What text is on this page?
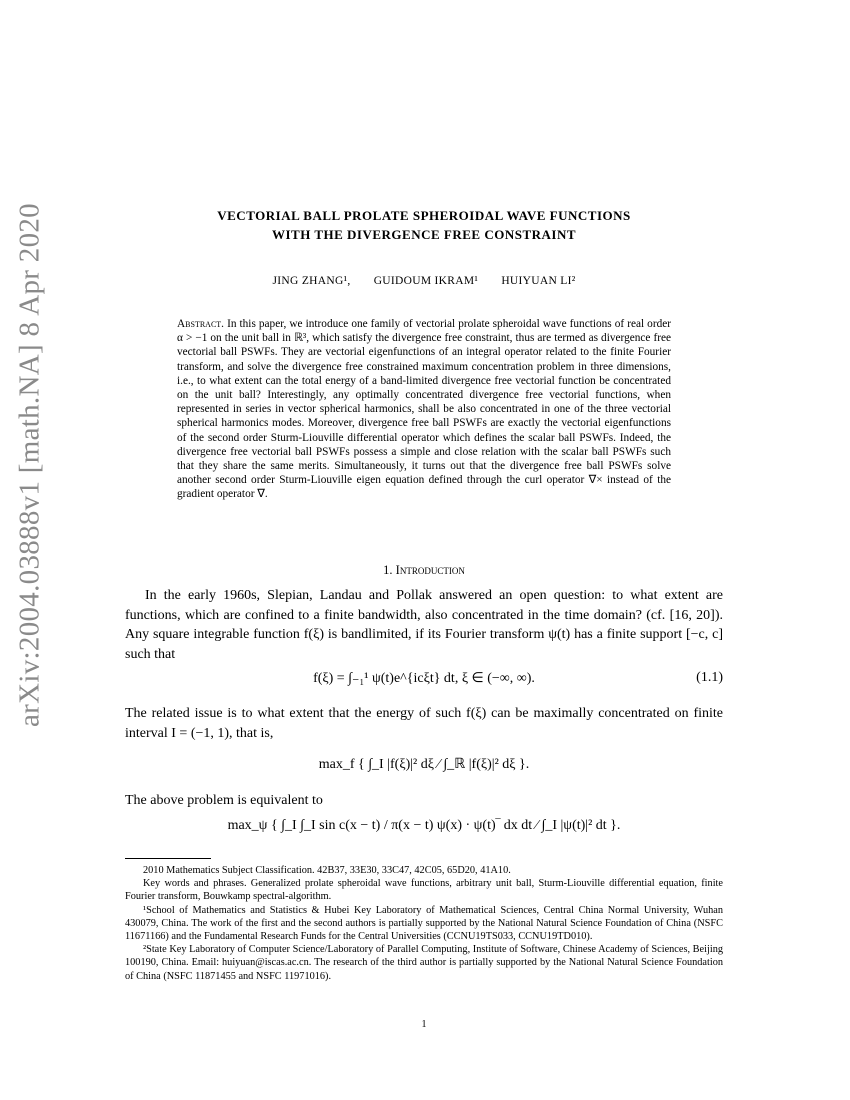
arXiv:2004.03888v1 [math.NA] 8 Apr 2020	VECTORIAL BALL PROLATE SPHEROIDAL WAVE FUNCTIONS
WITH THE DIVERGENCE FREE CONSTRAINT
JING ZHANG¹, GUIDOUM IKRAM¹ HUIYUAN LI²
Abstract. In this paper, we introduce one family of vectorial prolate spheroidal wave functions of real order α > −1 on the unit ball in ℝ³, which satisfy the divergence free constraint, thus are termed as divergence free vectorial ball PSWFs. They are vectorial eigenfunctions of an integral operator related to the finite Fourier transform, and solve the divergence free constrained maximum concentration problem in three dimensions, i.e., to what extent can the total energy of a band-limited divergence free vectorial function be concentrated on the unit ball? Interestingly, any optimally concentrated divergence free vectorial functions, when represented in series in vector spherical harmonics, shall be also concentrated in one of the three vectorial spherical harmonics modes. Moreover, divergence free ball PSWFs are exactly the vectorial eigenfunctions of the second order Sturm-Liouville differential operator which defines the scalar ball PSWFs. Indeed, the divergence free vectorial ball PSWFs possess a simple and close relation with the scalar ball PSWFs such that they share the same merits. Simultaneously, it turns out that the divergence free ball PSWFs solve another second order Sturm-Liouville eigen equation defined through the curl operator ∇× instead of the gradient operator ∇.
1. Introduction

In the early 1960s, Slepian, Landau and Pollak answered an open question: to what extent are functions, which are confined to a finite bandwidth, also concentrated in the time domain? (cf. [16, 20]). Any square integrable function f(ξ) is bandlimited, if its Fourier transform ψ(t) has a finite support [−c, c] such that

f(ξ) = ∫₋₁¹ ψ(t)e^{icξt} dt, ξ ∈ (−∞, ∞).	(1.1)

The related issue is to what extent that the energy of such f(ξ) can be maximally concentrated on finite interval I = (−1, 1), that is,

max_f { ∫_I |f(ξ)|² dξ ⁄ ∫_ℝ |f(ξ)|² dξ }.

The above problem is equivalent to

max_ψ { ∫_I ∫_I sin c(x − t) / π(x − t) ψ(x) · ψ(t)‾ dx dt ⁄ ∫_I |ψ(t)|² dt }.

2010 Mathematics Subject Classification. 42B37, 33E30, 33C47, 42C05, 65D20, 41A10.

Key words and phrases. Generalized prolate spheroidal wave functions, arbitrary unit ball, Sturm-Liouville differential equation, finite Fourier transform, Bouwkamp spectral-algorithm.

¹School of Mathematics and Statistics & Hubei Key Laboratory of Mathematical Sciences, Central China Normal University, Wuhan 430079, China. The work of the first and the second authors is partially supported by the National Natural Science Foundation of China (NSFC 11671166) and the Fundamental Research Funds for the Central Universities (CCNU19TS033, CCNU19TD010).

²State Key Laboratory of Computer Science/Laboratory of Parallel Computing, Institute of Software, Chinese Academy of Sciences, Beijing 100190, China. Email: huiyuan@iscas.ac.cn. The research of the third author is partially supported by the National Natural Science Foundation of China (NSFC 11871455 and NSFC 11971016).

1
